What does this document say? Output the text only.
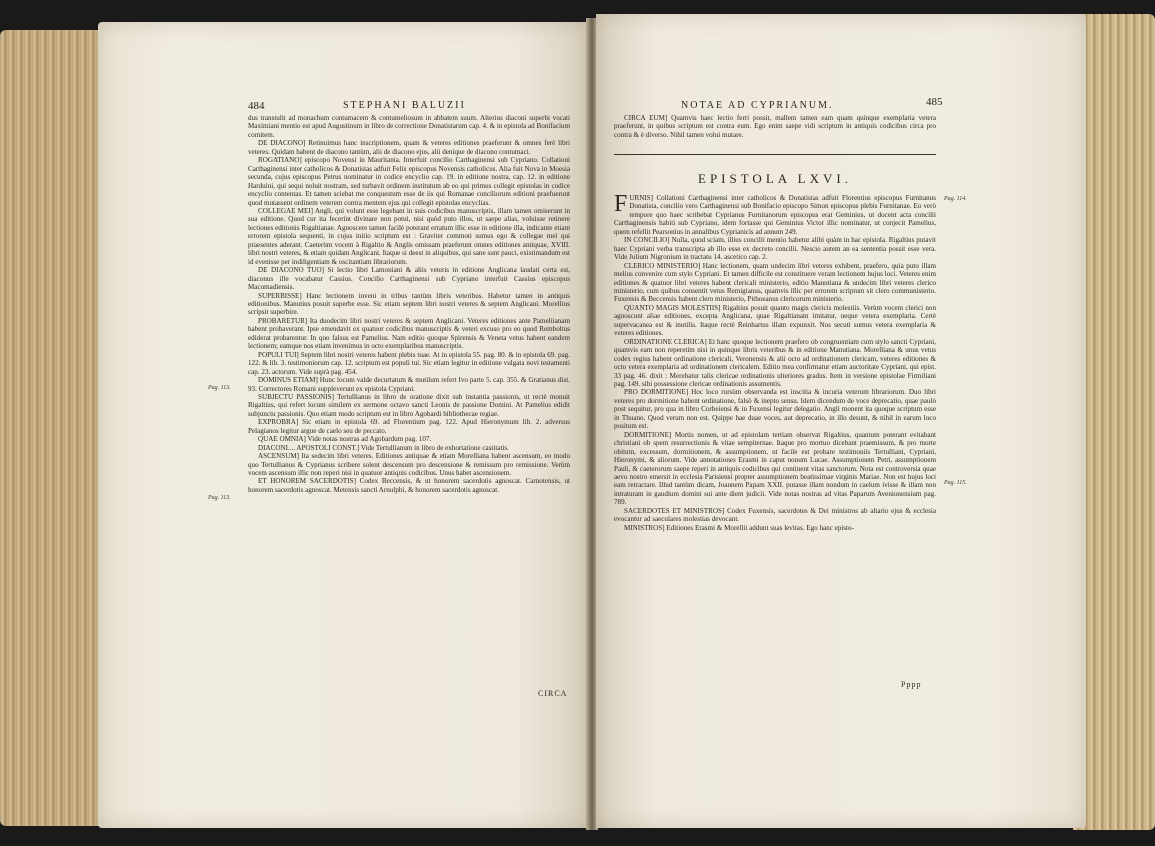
484	STEPHANI BALUZII

dus transtulit ad monachum contumacem & contumeliosum in abbatem suum. Alterius diaconi superbi vocati Maximiani mentio est apud Augustinum in libro de correctione Donatistarum cap. 4. & in epistola ad Bonifacium comitem.

DE DIACONO] Retinuimus hanc inscriptionem, quam & veteres editiones praeferunt & omnes ferè libri veteres. Quidam habent de diacono tantùm, alii de diacono ejus, alii denique de diacono contumaci.

ROGATIANO] episcopo Novensi in Mauritania. Interfuit concilio Carthaginensi sub Cypriano. Collationi Carthaginensi inter catholicos & Donatistas adfuit Felix episcopus Novensis catholicus. Alia fuit Nova in Moesia secunda, cujus episcopus Petrus nominatur in codice encyclio cap. 19. in editione nostra, cap. 12. in editione Harduini, qui sequi noluit nostram, sed turbavit ordinem institutum ab eo qui primus collegit epistolas in codice encyclio contentas. Et tamen sciebat me conquestum esse de iis qui Romanae conciliorum editioni praefuerunt quod mutassent ordinem veterem contra mentem ejus qui collegit epistolas encyclias.

COLLEGAE MEI] Angli, qui volunt esse legebant in suis codicibus manuscriptis, illam tamen omiserunt in sua editione. Quod cur ita fecerint divinare non potui, nisi quòd puto illos, ut saepe alias, voluisse retinere lectiones editionis Rigaltianae. Agnoscere tamen facilè poterant erratum illic esse in editione illa, indicante etiam errorem epistola sequenti, in cujus initio scriptum est : Graviter commoti sumus ego & collegae mei qui praesentes aderant. Caeterùm vocem à Rigaltio & Anglis omissam praeferunt omnes editiones antiquae, XVIII. libri nostri veteres, & etiam quidam Anglicani. Itaque si deest in aliquibus, qui sane sunt pauci, existimandum est id evenisse per indiligentiam & oscitantiam librariorum.

DE DIACONO TUO] Si lectio libri Lamoniani & aliis veteris in editione Anglicana laudati certa est, diaconus ille vocabatur Cassius. Concilio Carthaginensi sub Cypriano interfuit Cassius episcopus Macomadiensis.

SUPERBISSE] Hanc lectionem inveni in tribus tantùm libris veteribus. Habetur tamen in antiquis editionibus. Manutius posuit superbe esse. Sic etiam septem libri nostri veteres & septem Anglicani. Morellius scripsit superbire.

PROBARETUR] Ita duodecim libri nostri veteres & septem Anglicani. Veteres editiones ante Pameliianam habent probaverant. Ipse emendavit ex quatuor codicibus manuscriptis & veteri excuso pro eo quod Remboltus ediderat probarentur. In quo falsus est Pamelius. Nam editio quoque Spirensis & Veneta vetus habent eandem lectionem; eamque nos etiam invenimus in octo exemplaribus manuscriptis.

POPULI TUI] Septem libri nostri veteres habent plebis tuae. At in epistola 55. pag. 80. & in epistola 69. pag. 122. & lib. 3. testimoniorum cap. 12. scriptum est populi tui. Sic etiam legitur in editione vulgata novi testamenti cap. 23. actorum. Vide suprà pag. 454.

DOMINUS ETIAM] Hunc locum valde decurtatum & mutilum refert Ivo parte 5. cap. 355. & Gratianus dist. 93. Correctores Romani suppleverunt ex epistola Cypriani.

SUBJECTU PASSIONIS] Tertullianus in libro de oratione dixit sub instantia passionis, ut rectè monuit Rigaltius, qui refert locum similem ex sermone octavo sancti Leonis de passione Domini. At Pamelius edidit subjunctu passionis. Quo etiam modo scriptum est in libro Agobardi bibliothecae regiae.

EXPROBRA] Sic etiam in epistola 69. ad Florentium pag. 122. Apud Hieronymum lib. 2. adversus Pelagianos legitur argue de caelo seu de peccato.

QUAE OMNIA] Vide notas nostras ad Agobardum pag. 107.

DIACONI.... APOSTOLI CONST.] Vide Tertullianum in libro de exhortatione castitatis.

ASCENSUM] Ita sedecim libri veteres. Editiones antiquae & etiam Morelliana habent ascensum, eo modo quo Tertullianus & Cyprianus scribere solent descensum pro descensione & remissum pro remissione. Verùm vocem ascensum illic non reperi nisi in quatuor antiquis codicibus. Unus habet ascensionem.

ET HONOREM SACERDOTIS] Codex Beccensis, & ut honorem sacerdotis agnoscat. Carnotensis, ut honorem sacerdotis agnoscat. Metensis sancti Arnulphi, & honorem sacerdotis agnoscat.

Pag. 113.
Pag. 113.
CIRCA
NOTAE AD CYPRIANUM.	485

CIRCA EUM] Quamvis haec lectio ferri possit, mallem tamen eam quam quinque exemplaria vetera praeferunt, in quibus scriptum est contra eum. Ego enim saepe vidi scriptum in antiquis codicibus circa pro contra & è diverso. Nihil tamen volui mutare.

EPISTOLA LXVI.

FURNIS] Collationi Carthaginensi inter catholicos & Donatistas adfuit Florentius episcopus Furnitanus Donatista, concilio vero Carthaginensi sub Bonifacio episcopo Simon episcopus plebis Furnitanae. Eo verò tempore quo haec scribebat Cyprianus Furnitanorum episcopus erat Geminius, ut docent acta concilii Carthaginensis habiti sub Cypriano, idem fortasse qui Geminius Victor illic nominatur, ut conjecit Pamelius, quem refellit Pearsonius in annalibus Cyprianicis ad annum 249.

IN CONCILIO] Nulla, quod sciam, illius concilii mentio habetur alibi quàm in hac epistola. Rigaltius putavit haec Cypriani verba transcripta ab illo esse ex decreto concilii. Nescio autem an ea sententia possit esse vera. Vide Julium Nigronium in tractatu 14. asceticο cap. 2.

CLERICO MINISTERIO] Hanc lectionem, quam undecim libri veteres exhibent, praefero, quia puto illam melius convenire cum stylo Cypriani. Et tamen difficile est constituere veram lectionem hujus loci. Veteres enim editiones & quatuor libri veteres habent clericali ministerio, editio Manutiana & undecim libri veteres clerico ministerio, cum quibus consentit vetus Remigianus, quamvis illic per errorem scriptum sit clero communisterio. Fuxensis & Beccensis habent clero ministerio, Pithoeanus clericorum ministerio.

QUANTO MAGIS MOLESTIIS] Rigaltius posuit quanto magis clericis molestiis. Verùm vocem clerici non agnoscunt aliae editiones, excepta Anglicana, quae Rigaltianam imitatur, neque vetera exemplaria. Certè supervacanea est & inutilis. Itaque rectè Reinhartus illam expunxit. Nos secuti sumus vetera exemplaria & veteres editiones.

ORDINATIONE CLERICA] Et hanc quoque lectionem praefero ob congruentiam cum stylo sancti Cypriani, quamvis eam non reperetim nisi in quinque libris veteribus & in editione Manutiana. Morelliana & unus vetus codex regius habent ordinatione clericali, Veronensis & alii octo ad ordinationem clericam, veteres editiones & octo vetera exemplaria ad ordinationem clericalem. Editio mea confirmatur etiam auctoritate Cypriani, qui epist. 33 pag. 46. dixit : Merebatur talis clericae ordinationis ulteriores gradus. Item in versione epistolae Firmiliani pag. 149. sibi possessione clericae ordinationis assumentis.

PRO DORMITIONE] Hoc loco rursùm observanda est inscitia & incuria veterum librariorum. Duo libri veteres pro dormitione habent ordinatione, falsò & inepto sensu. Idem dicendum de voce deprecatio, quae paulò post sequitur, pro qua in libro Corbeiensi & in Fuxensi legitur delegatio. Angli monent ita quoque scriptum esse in Thuano. Quod verum non est. Quippe hae duae voces, aut deprecatio, in illo desunt, & nihil in earum loco positum est.

DORMITIONE] Mortis nomen, ut ad epistolam tertiam observat Rigaltius, quantum poterant evitabant christiani ob spem resurrectionis & vitae sempiternae. Itaque pro mortuo dicebant praemissum, & pro morte obitum, excessum, dormitionem, & assumptionem, ut facile est probare testimoniis Tertulliani, Cypriani, Hieronymi, & aliorum. Vide annotationes Erasmi in caput nonum Lucae. Assumptionem Petri, assumptionem Pauli, & caeterorum saepe reperi in antiquis codicibus qui continent vitas sanctorum. Nota est controversia quae aevo nostro emersit in ecclesia Parisiensi propter assumptionem beatissimae virginis Mariae. Non est hujus loci eam retractare. Illud tantùm dicam, Joannem Papam XXII. putasse illam nondum in caelum ivisse & illam non intraturam in gaudium domini sui ante diem judicii. Vide notas nostras ad vitas Paparum Avenionensium pag. 789.

SACERDOTES ET MINISTROS] Codex Fuxensis, sacerdotes & Dei ministros ab altario ejus & ecclesia evocantur ad saeculares molestias devocant.

MINISTROS] Editiones Erasmi & Morellii addunt suas levitas. Ego hanc episto-

Pag. 114.
Pag. 115.
Pppp
